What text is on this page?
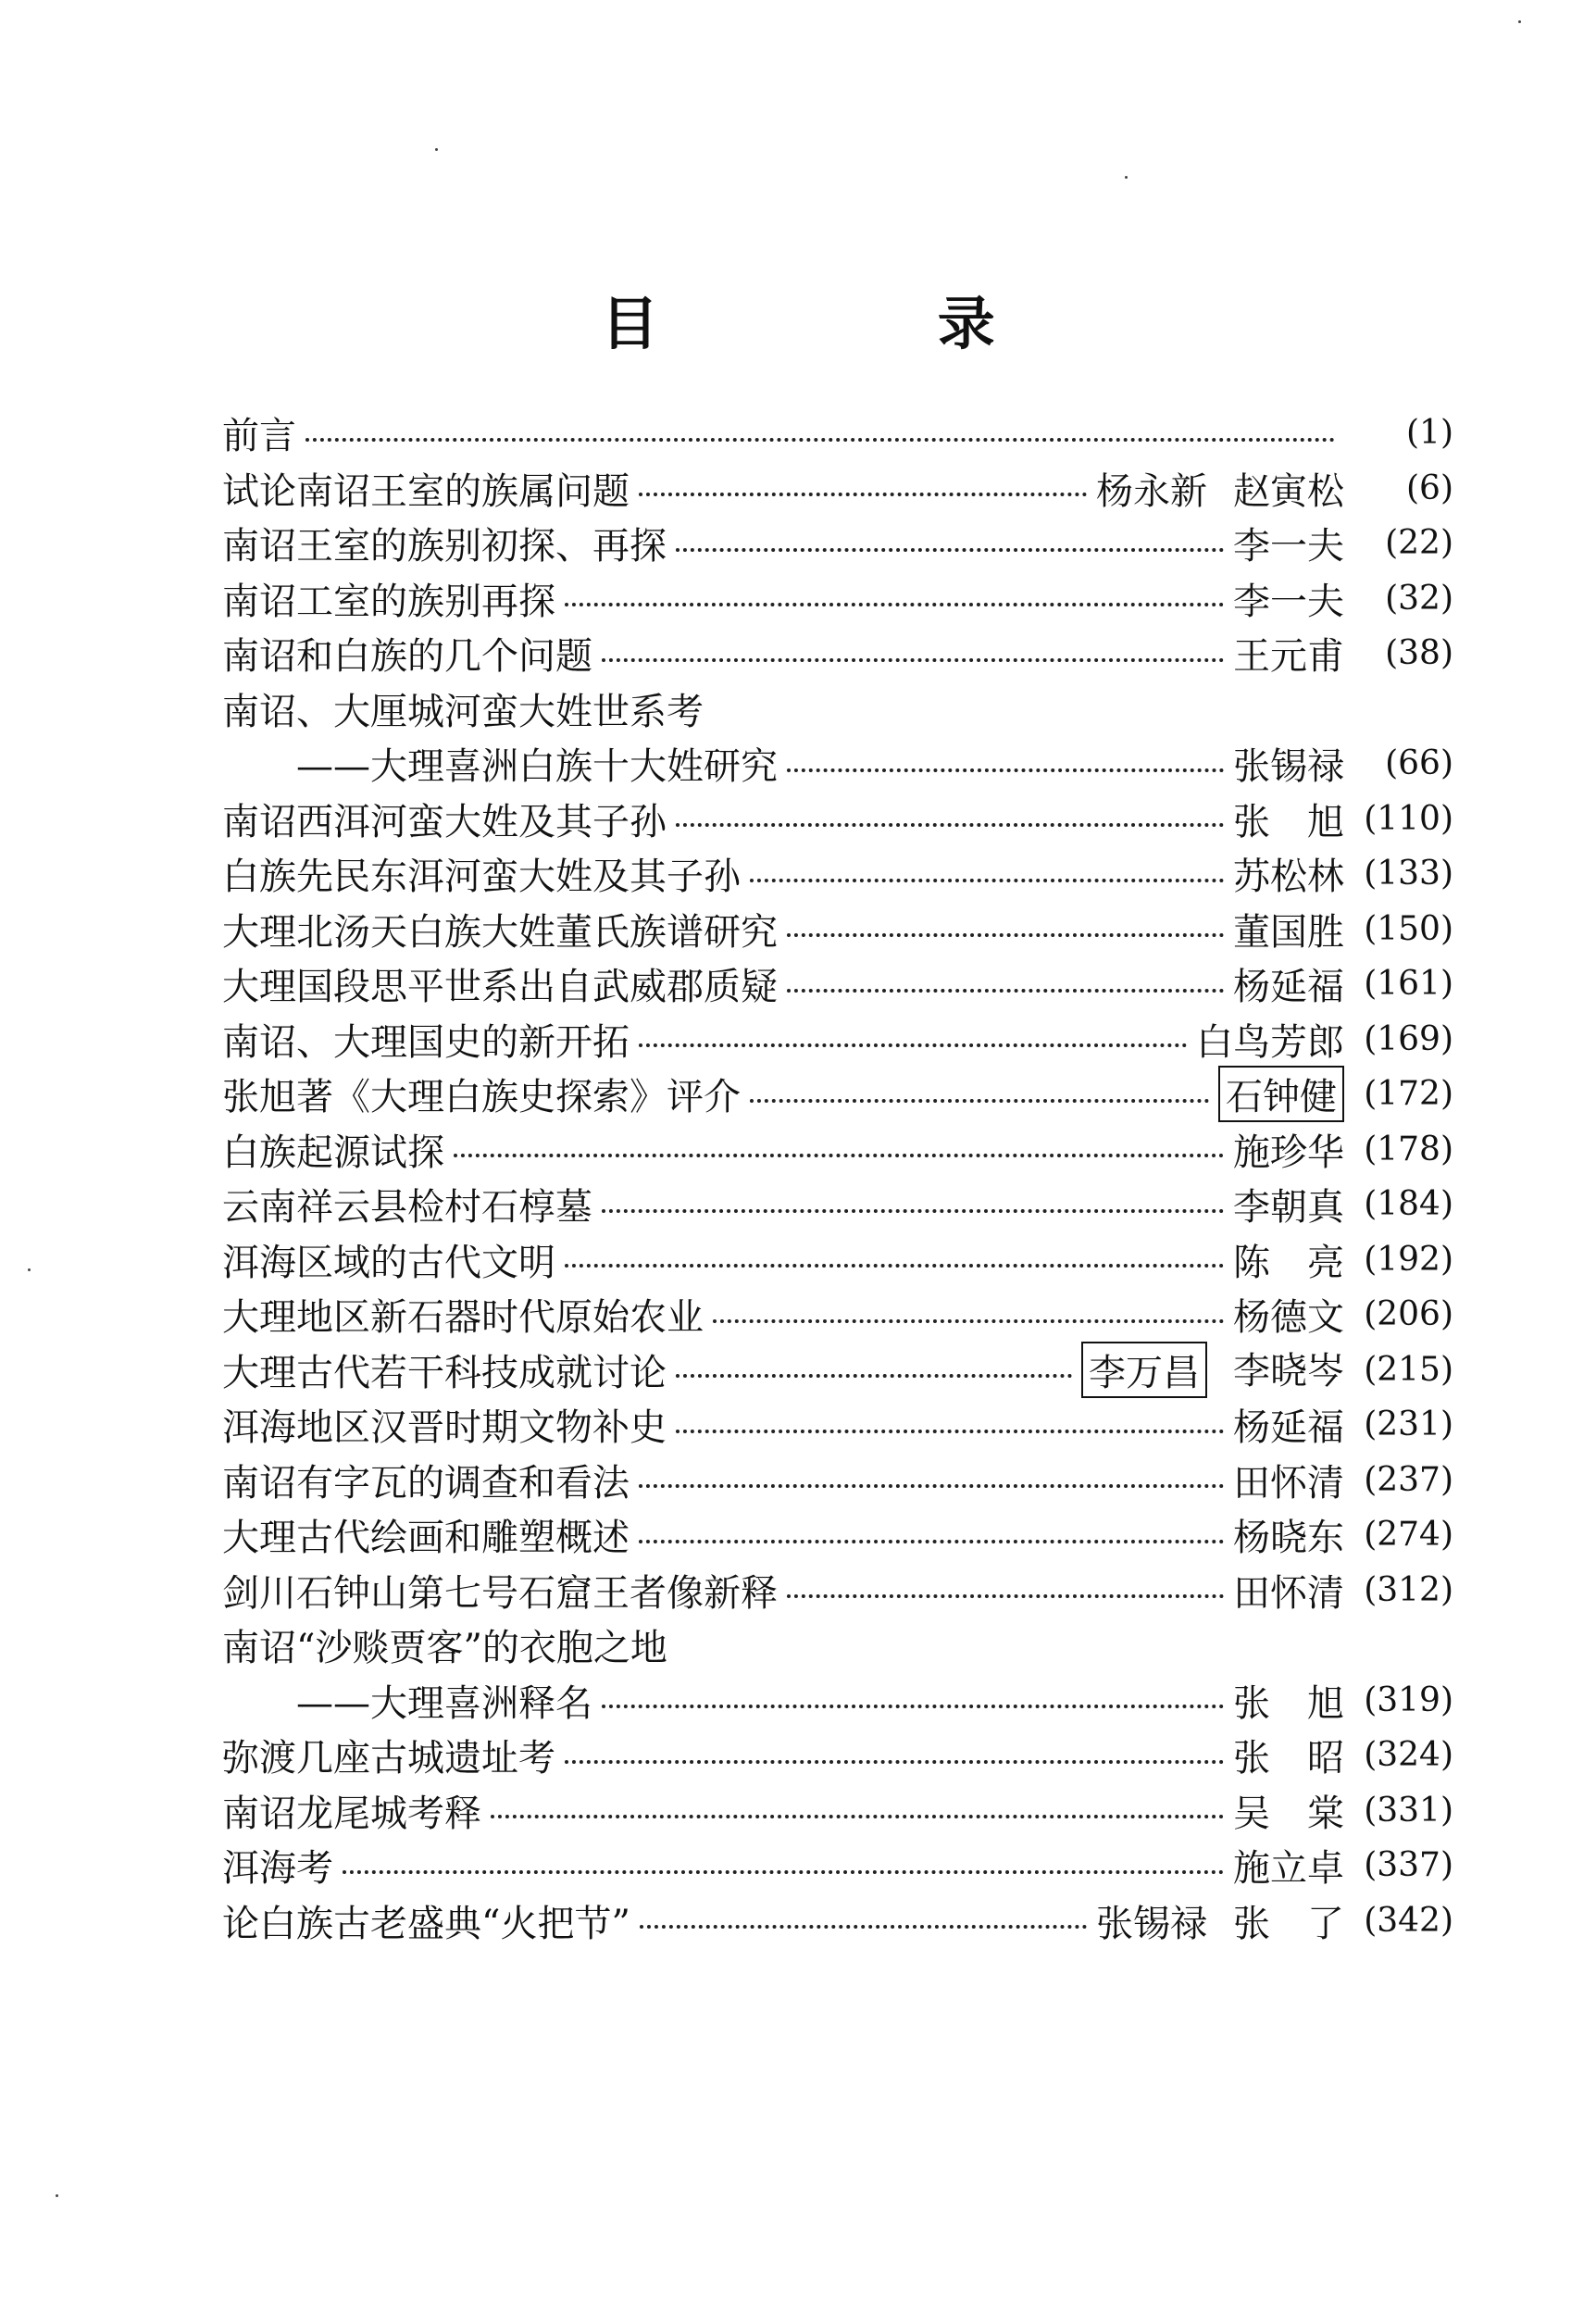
目 录
前言	(1)
试论南诏王室的族属问题	杨永新 赵寅松	(6)
南诏王室的族别初探、再探	李一夫	(22)
南诏工室的族别再探	李一夫	(32)
南诏和白族的几个问题	王元甫	(38)
南诏、大厘城河蛮大姓世系考
——大理喜洲白族十大姓研究	张锡禄	(66)
南诏西洱河蛮大姓及其子孙	张　旭 (110)
白族先民东洱河蛮大姓及其子孙	苏松林 (133)
大理北汤天白族大姓董氏族谱研究	董国胜 (150)
大理国段思平世系出自武威郡质疑	杨延福 (161)
南诏、大理国史的新开拓	白鸟芳郎 (169)
张旭著《大理白族史探索》评介	石钟健 (172)
白族起源试探	施珍华 (178)
云南祥云县检村石椁墓	李朝真 (184)
洱海区域的古代文明	陈　亮 (192)
大理地区新石器时代原始农业	杨德文 (206)
大理古代若干科技成就讨论	李万昌 李晓岑 (215)
洱海地区汉晋时期文物补史	杨延福 (231)
南诏有字瓦的调查和看法	田怀清 (237)
大理古代绘画和雕塑概述	杨晓东 (274)
剑川石钟山第七号石窟王者像新释	田怀清 (312)
南诏“沙赕贾客”的衣胞之地
——大理喜洲释名	张　旭 (319)
弥渡几座古城遗址考	张　昭 (324)
南诏龙尾城考释	吴　棠 (331)
洱海考	施立卓 (337)
论白族古老盛典“火把节”	张锡禄 张　了 (342)
